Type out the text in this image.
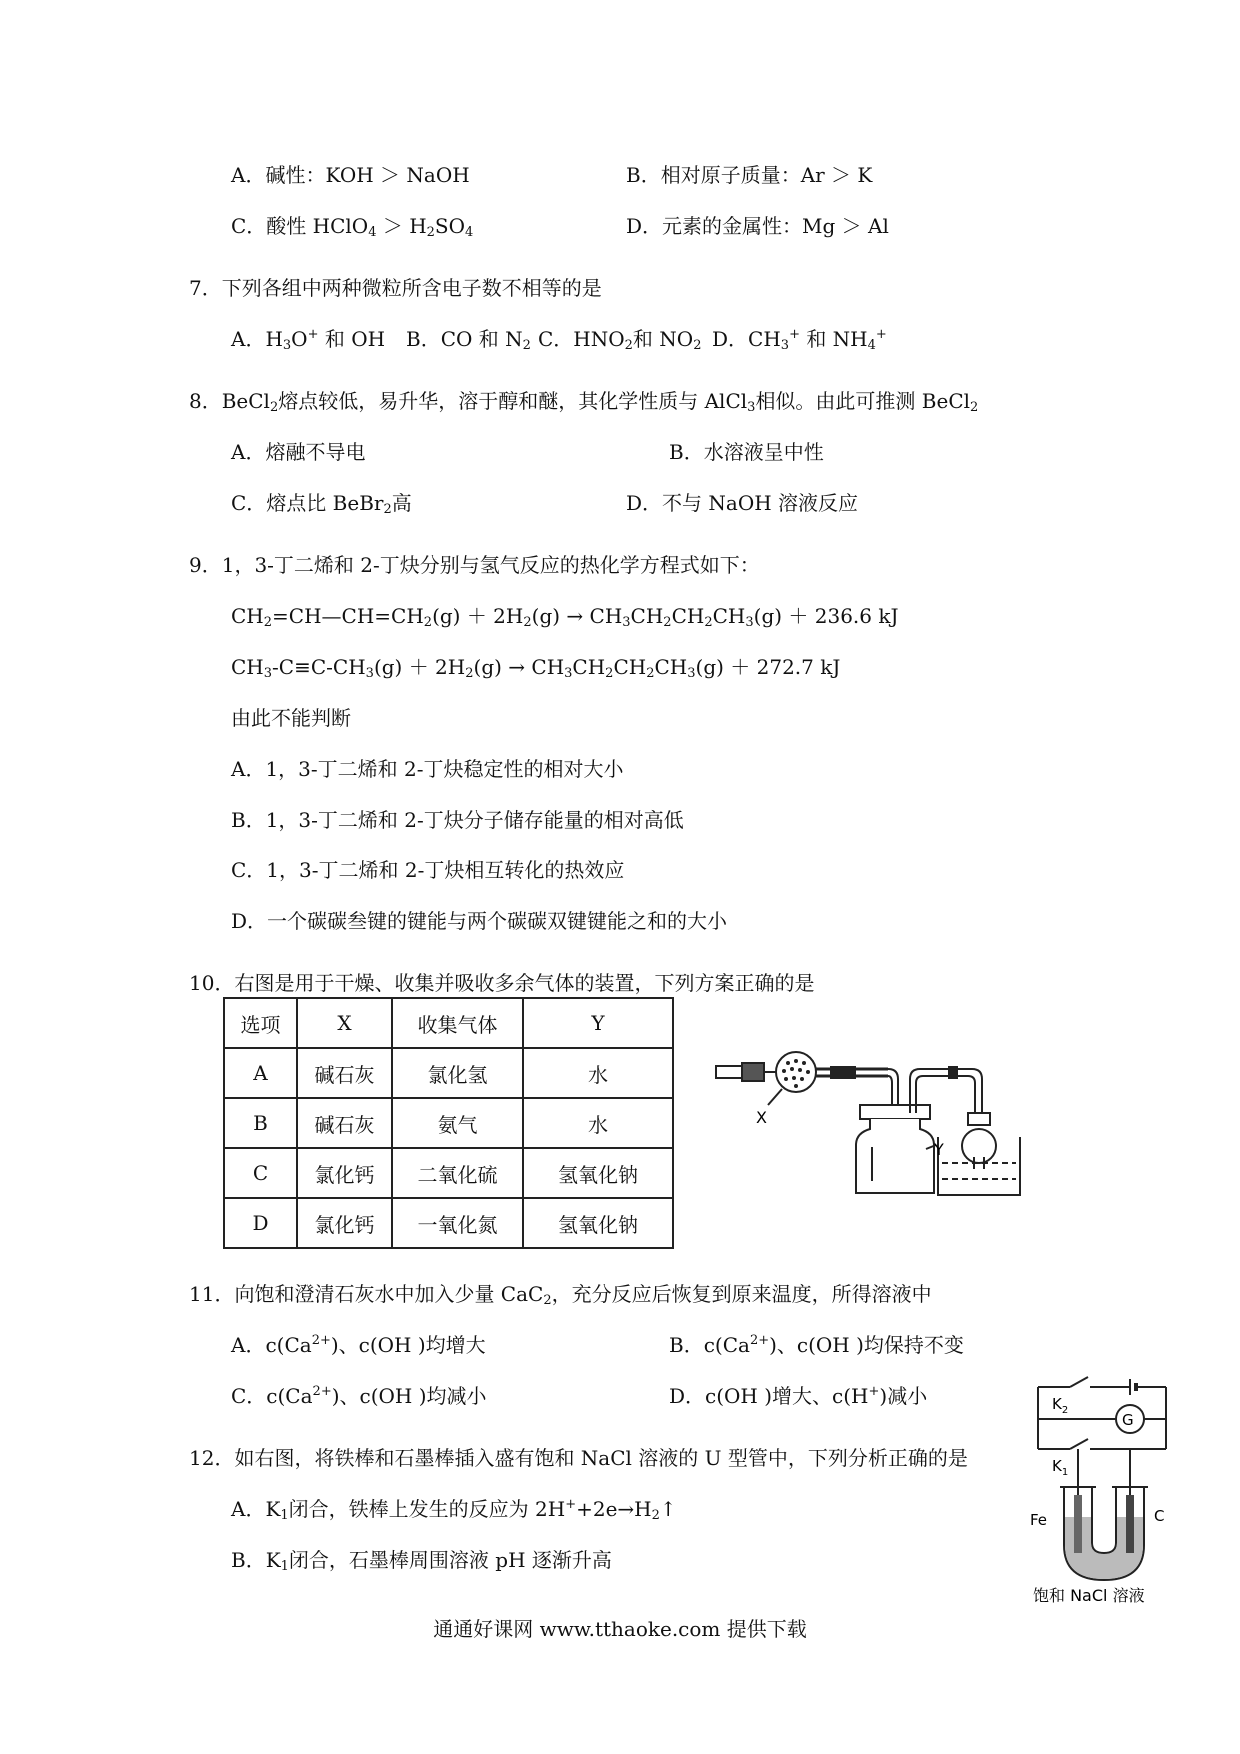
A．碱性：KOH ＞ NaOH	B．相对原子质量：Ar ＞ K
C．酸性 HClO$_4$ ＞ $H_2SO_4$	D．元素的金属性：Mg ＞ Al
7．下列各组中两种微粒所含电子数不相等的是
A．$H_3O^+$ 和 OH B．CO 和 $N_2$ C．$HNO_2$和 $NO_2$ D．$CH_3^+$ 和 $NH_4^+$
8．BeCl$_2$熔点较低，易升华，溶于醇和醚，其化学性质与 AlCl$_3$相似。由此可推测 BeCl$_2$
A．熔融不导电	B．水溶液呈中性
C．熔点比 BeBr$_2$高	D．不与 NaOH 溶液反应
9．1，3-丁二烯和 2-丁炔分别与氢气反应的热化学方程式如下：
$CH_2=CH—CH=CH_2(g) + 2H_2(g) \to CH_3CH_2CH_2CH_3(g) + 236.6$ kJ
$CH_3-C\equiv C-CH_3(g) + 2H_2(g) \to CH_3CH_2CH_2CH_3(g) + 272.7$ kJ
由此不能判断
A．1，3-丁二烯和 2-丁炔稳定性的相对大小
B．1，3-丁二烯和 2-丁炔分子储存能量的相对高低
C．1，3-丁二烯和 2-丁炔相互转化的热效应
D．一个碳碳叁键的键能与两个碳碳双键键能之和的大小
10．右图是用于干燥、收集并吸收多余气体的装置，下列方案正确的是
选项	X	收集气体	Y
A	碱石灰	氯化氢	水
B	碱石灰	氨气	水
C	氯化钙	二氧化硫	氢氧化钠
D	氯化钙	一氧化氮	氢氧化钠
X
Y
11．向饱和澄清石灰水中加入少量 CaC$_2$，充分反应后恢复到原来温度，所得溶液中
A．$c(Ca^{2+})$、c(OH )均增大	B．$c(Ca^{2+})$、c(OH )均保持不变
C．$c(Ca^{2+})$、c(OH )均减小	D．c(OH )增大、c(H+)减小
12．如右图，将铁棒和石墨棒插入盛有饱和 NaCl 溶液的 U 型管中，下列分析正确的是
A．$K_1$闭合，铁棒上发生的反应为 $2H^++2e\to H_2↑$
B．$K_1$闭合，石墨棒周围溶液 pH 逐渐升高
$K_2$
G
$K_1$
Fe	C
饱和 NaCl 溶液
通通好课网 www.tthaoke.com 提供下载
